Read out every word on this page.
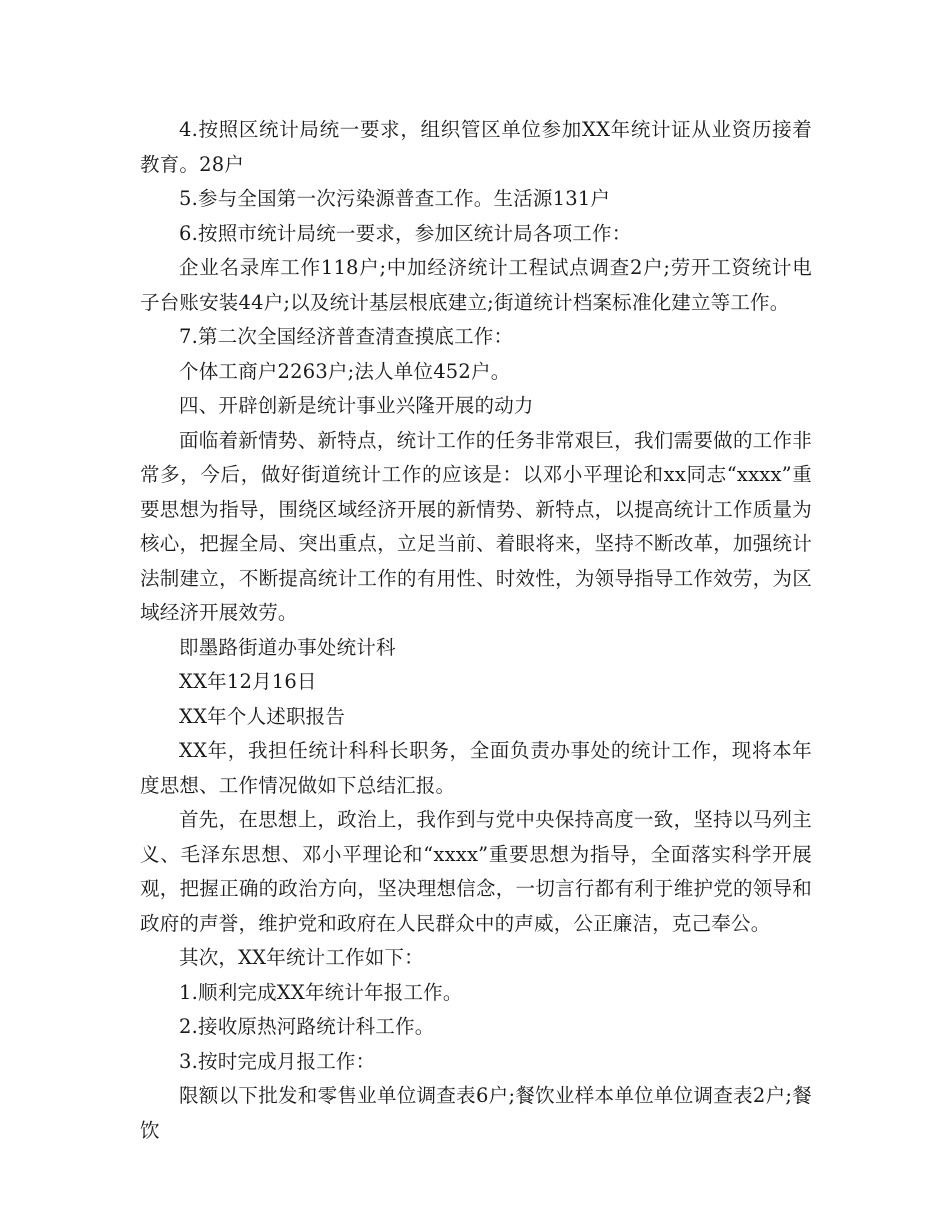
4.按照区统计局统一要求，组织管区单位参加XX年统计证从业资历接着教育。28户

5.参与全国第一次污染源普查工作。生活源131户

6.按照市统计局统一要求，参加区统计局各项工作：

企业名录库工作118户;中加经济统计工程试点调查2户;劳开工资统计电子台账安装44户;以及统计基层根底建立;街道统计档案标准化建立等工作。

7.第二次全国经济普查清查摸底工作：

个体工商户2263户;法人单位452户。

四、开辟创新是统计事业兴隆开展的动力

面临着新情势、新特点，统计工作的任务非常艰巨，我们需要做的工作非常多，今后，做好街道统计工作的应该是：以邓小平理论和xx同志“xxxx”重要思想为指导，围绕区域经济开展的新情势、新特点，以提高统计工作质量为核心，把握全局、突出重点，立足当前、着眼将来，坚持不断改革，加强统计法制建立，不断提高统计工作的有用性、时效性，为领导指导工作效劳，为区域经济开展效劳。

即墨路街道办事处统计科

XX年12月16日

XX年个人述职报告

XX年，我担任统计科科长职务，全面负责办事处的统计工作，现将本年度思想、工作情况做如下总结汇报。

首先，在思想上，政治上，我作到与党中央保持高度一致，坚持以马列主义、毛泽东思想、邓小平理论和“xxxx”重要思想为指导，全面落实科学开展观，把握正确的政治方向，坚决理想信念，一切言行都有利于维护党的领导和政府的声誉，维护党和政府在人民群众中的声威，公正廉洁，克己奉公。

其次，XX年统计工作如下：

1.顺利完成XX年统计年报工作。

2.接收原热河路统计科工作。

3.按时完成月报工作：

限额以下批发和零售业单位调查表6户;餐饮业样本单位单位调查表2户;餐饮
